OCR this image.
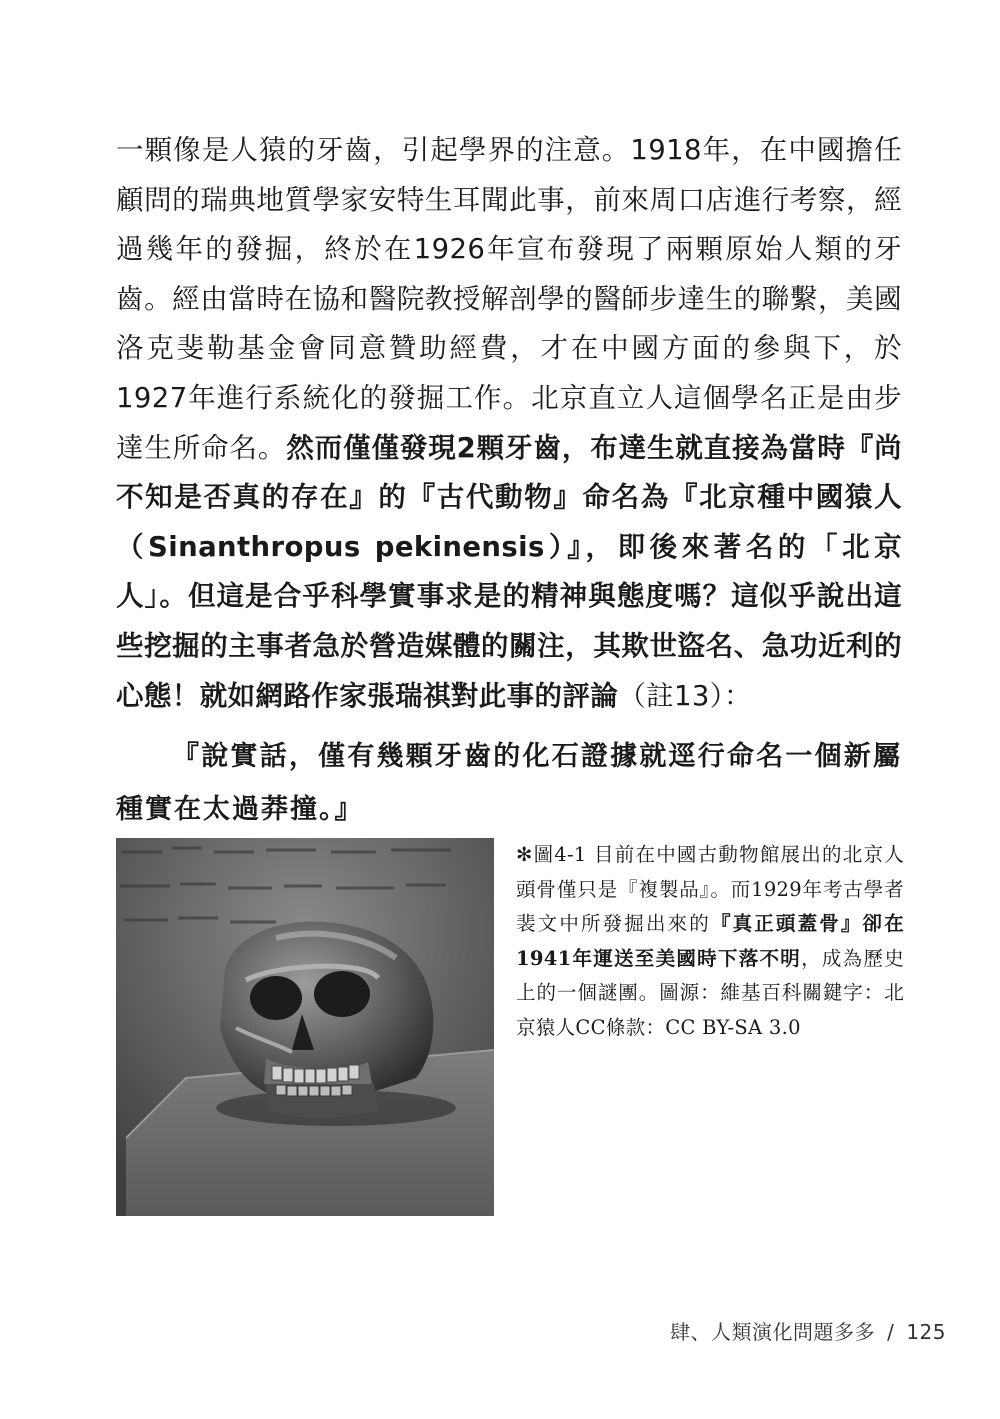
一顆像是人猿的牙齒，引起學界的注意。1918年，在中國擔任顧問的瑞典地質學家安特生耳聞此事，前來周口店進行考察，經過幾年的發掘，終於在1926年宣布發現了兩顆原始人類的牙齒。經由當時在協和醫院教授解剖學的醫師步達生的聯繫，美國洛克斐勒基金會同意贊助經費，才在中國方面的參與下，於1927年進行系統化的發掘工作。北京直立人這個學名正是由步達生所命名。然而僅僅發現2顆牙齒，布達生就直接為當時『尚不知是否真的存在』的『古代動物』命名為『北京種中國猿人（Sinanthropus pekinensis）』，即後來著名的「北京人」。但這是合乎科學實事求是的精神與態度嗎？這似乎說出這些挖掘的主事者急於營造媒體的關注，其欺世盜名、急功近利的心態！就如網路作家張瑞祺對此事的評論（註13）：

『說實話，僅有幾顆牙齒的化石證據就逕行命名一個新屬種實在太過莽撞。』

✻圖4-1 目前在中國古動物館展出的北京人頭骨僅只是『複製品』。而1929年考古學者裴文中所發掘出來的『真正頭蓋骨』卻在1941年運送至美國時下落不明，成為歷史上的一個謎團。圖源：維基百科關鍵字：北京猿人CC條款：CC BY-SA 3.0

肆、人類演化問題多多 / 125
